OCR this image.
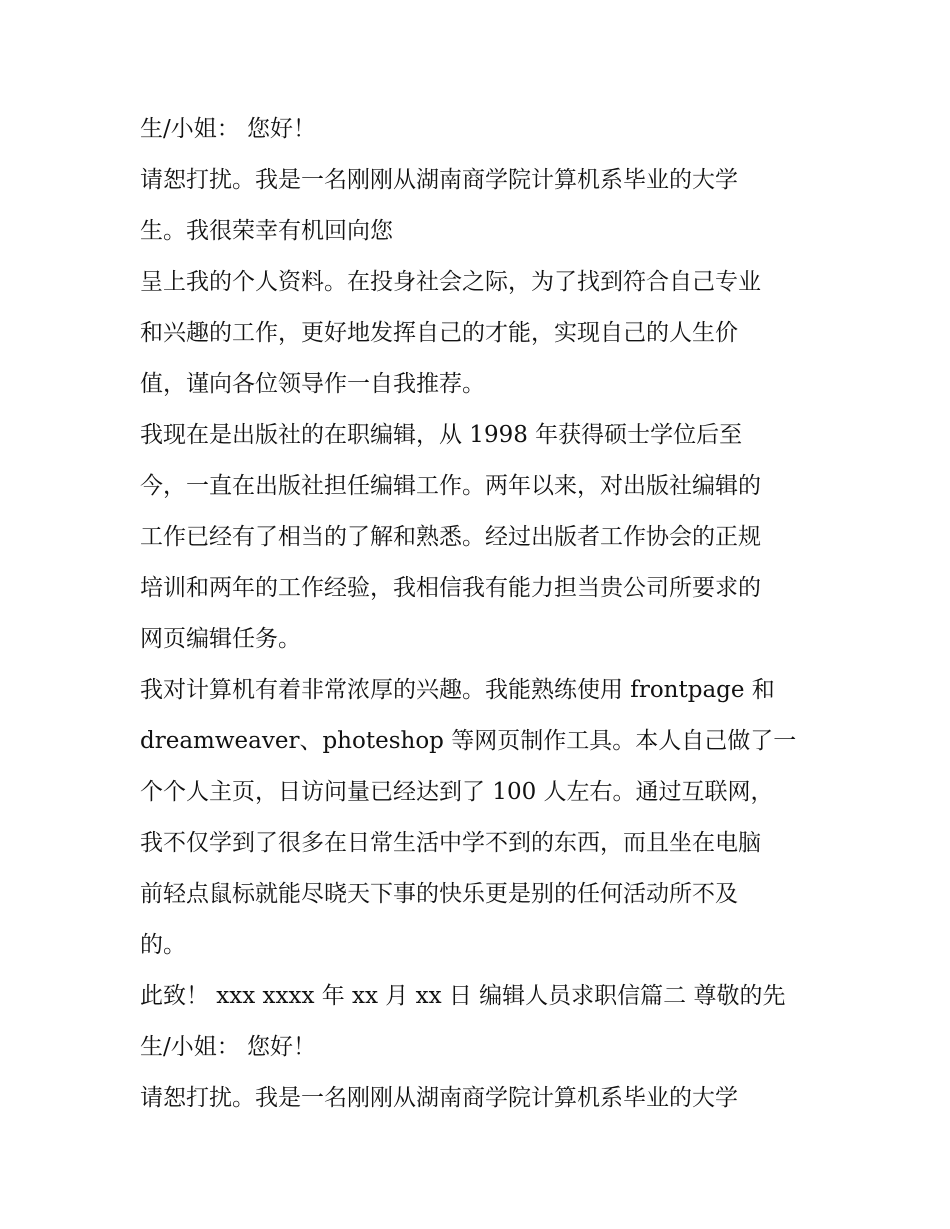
生/小姐： 您好！
请恕打扰。我是一名刚刚从湖南商学院计算机系毕业的大学
生。我很荣幸有机回向您
呈上我的个人资料。在投身社会之际，为了找到符合自己专业
和兴趣的工作，更好地发挥自己的才能，实现自己的人生价
值，谨向各位领导作一自我推荐。
我现在是出版社的在职编辑，从 1998 年获得硕士学位后至
今，一直在出版社担任编辑工作。两年以来，对出版社编辑的
工作已经有了相当的了解和熟悉。经过出版者工作协会的正规
培训和两年的工作经验，我相信我有能力担当贵公司所要求的
网页编辑任务。
我对计算机有着非常浓厚的兴趣。我能熟练使用 frontpage 和
dreamweaver、photeshop 等网页制作工具。本人自己做了一
个个人主页，日访问量已经达到了 100 人左右。通过互联网，
我不仅学到了很多在日常生活中学不到的东西，而且坐在电脑
前轻点鼠标就能尽晓天下事的快乐更是别的任何活动所不及
的。
此致！ xxx xxxx 年 xx 月 xx 日 编辑人员求职信篇二 尊敬的先
生/小姐： 您好！
请恕打扰。我是一名刚刚从湖南商学院计算机系毕业的大学
